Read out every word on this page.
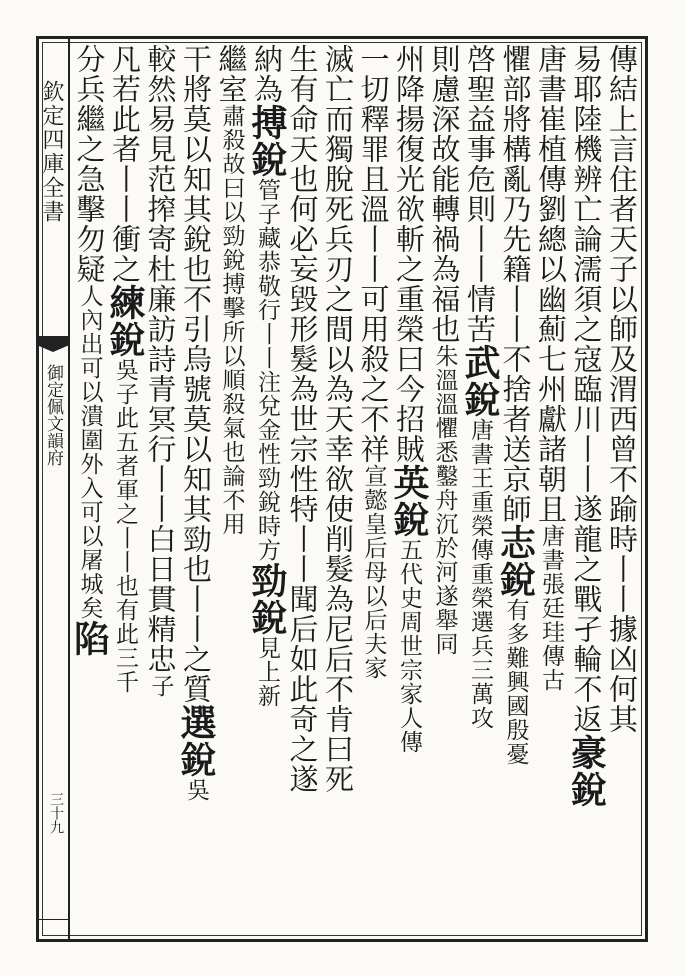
欽定四庫全書
御定佩文韻府
三十九
傳結上言住者天子以師及渭西曾不踰時丨丨據凶何其
易耶陸機辨亡論濡須之寇臨川丨丨遂龍之戰孑輪不返豪銳
唐書崔植傳劉總以幽薊七州獻諸朝且唐書張廷珪傳古
懼部將構亂乃先籍丨丨不捨者送京師志銳有多難興國殷憂
啓聖益事危則丨丨情苦武銳唐書王重榮傳重榮選兵三萬攻
則慮深故能轉禍為福也朱溫溫懼悉鑿舟沉於河遂舉同
州降揚復光欲斬之重榮曰今招賊英銳五代史周世宗家人傳
一切釋罪且溫丨丨可用殺之不祥宣懿皇后母以后夫家
滅亡而獨脫死兵刃之間以為天幸欲使削髮為尼后不肯曰死
生有命天也何必妄毀形髮為世宗性特丨丨聞后如此奇之遂
納為搏銳管子藏恭敬行丨丨注兌金性勁銳時方勁銳見上新
繼室肅殺故曰以勁銳搏擊所以順殺氣也論不用
干將莫以知其銳也不引烏號莫以知其勁也丨丨之質選銳吳
較然易見范搾寄杜廉訪詩青冥行丨丨白日貫精忠子
凡若此者丨丨衝之練銳吳子此五者軍之丨丨也有此三千
分兵繼之急擊勿疑人內出可以潰圍外入可以屠城矣陷
